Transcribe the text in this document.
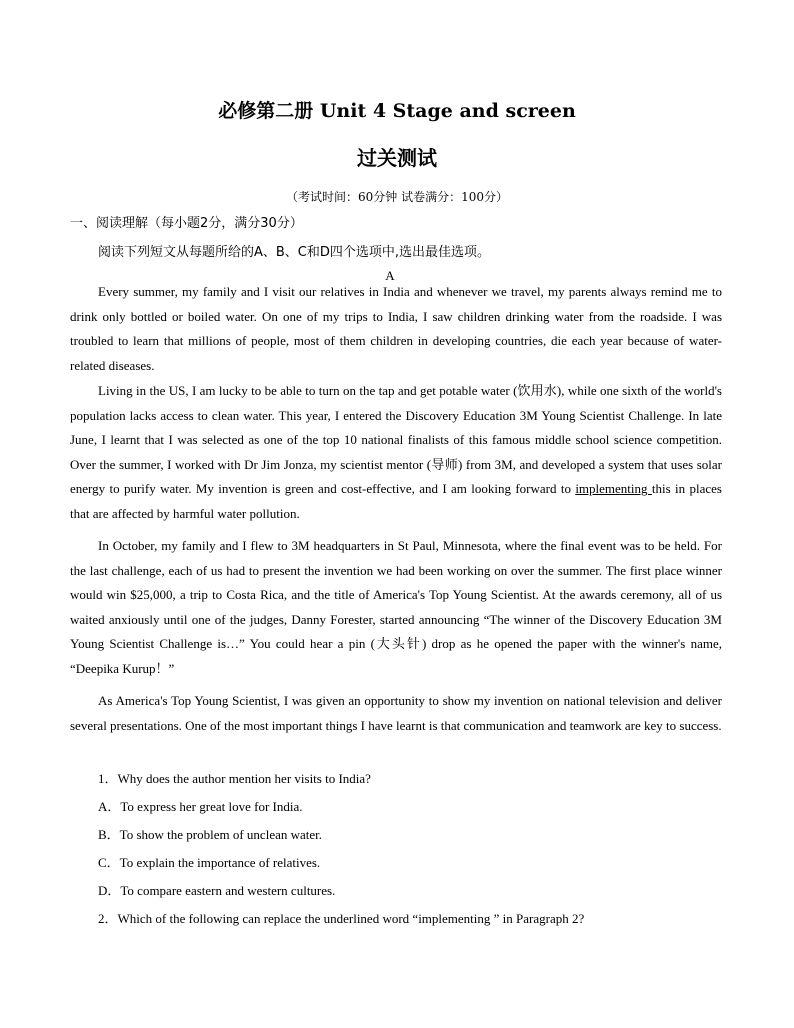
必修第二册 Unit 4 Stage and screen
过关测试
（考试时间：60分钟 试卷满分：100分）
一、阅读理解（每小题2分，满分30分）
阅读下列短文从每题所给的A、B、C和D四个选项中,选出最佳选项。
A

Every summer, my family and I visit our relatives in India and whenever we travel, my parents always remind me to drink only bottled or boiled water. On one of my trips to India, I saw children drinking water from the roadside. I was troubled to learn that millions of people, most of them children in developing countries, die each year because of water-related diseases.

Living in the US, I am lucky to be able to turn on the tap and get potable water (饮用水), while one sixth of the world's population lacks access to clean water. This year, I entered the Discovery Education 3M Young Scientist Challenge. In late June, I learnt that I was selected as one of the top 10 national finalists of this famous middle school science competition. Over the summer, I worked with Dr Jim Jonza, my scientist mentor (导师) from 3M, and developed a system that uses solar energy to purify water. My invention is green and cost-effective, and I am looking forward to implementing this in places that are affected by harmful water pollution.

In October, my family and I flew to 3M headquarters in St Paul, Minnesota, where the final event was to be held. For the last challenge, each of us had to present the invention we had been working on over the summer. The first place winner would win $25,000, a trip to Costa Rica, and the title of America's Top Young Scientist. At the awards ceremony, all of us waited anxiously until one of the judges, Danny Forester, started announcing “The winner of the Discovery Education 3M Young Scientist Challenge is…” You could hear a pin (大头针) drop as he opened the paper with the winner's name, “Deepika Kurup！”

As America's Top Young Scientist, I was given an opportunity to show my invention on national television and deliver several presentations. One of the most important things I have learnt is that communication and teamwork are key to success.

1．Why does the author mention her visits to India?

A．To express her great love for India.

B．To show the problem of unclean water.

C．To explain the importance of relatives.

D．To compare eastern and western cultures.

2．Which of the following can replace the underlined word “implementing ” in Paragraph 2?
